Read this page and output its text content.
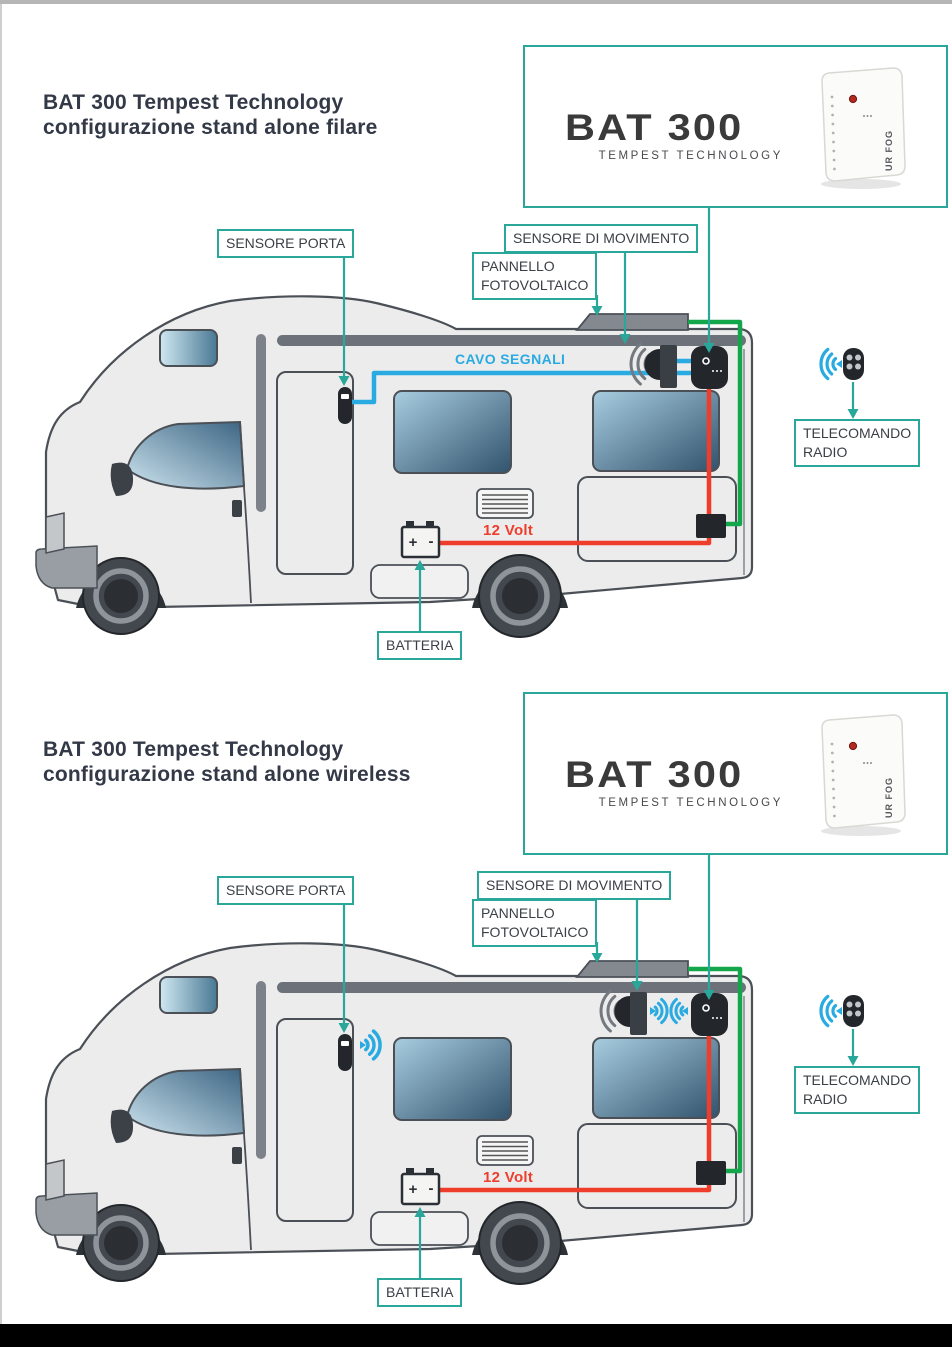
+ -
BAT 300 Tempest Technology
configurazione stand alone filare	BAT 300
TEMPEST TECHNOLOGY	UR FOG
SENSORE PORTA	SENSORE DI MOVIMENTO
PANNELLO
FOTOVOLTAICO
TELECOMANDO
RADIO
BATTERIA
CAVO SEGNALI
12 Volt
+ -
BAT 300 Tempest Technology
configurazione stand alone wireless	BAT 300
TEMPEST TECHNOLOGY	UR FOG
SENSORE PORTA	SENSORE DI MOVIMENTO
PANNELLO
FOTOVOLTAICO
TELECOMANDO
RADIO
BATTERIA
12 Volt
